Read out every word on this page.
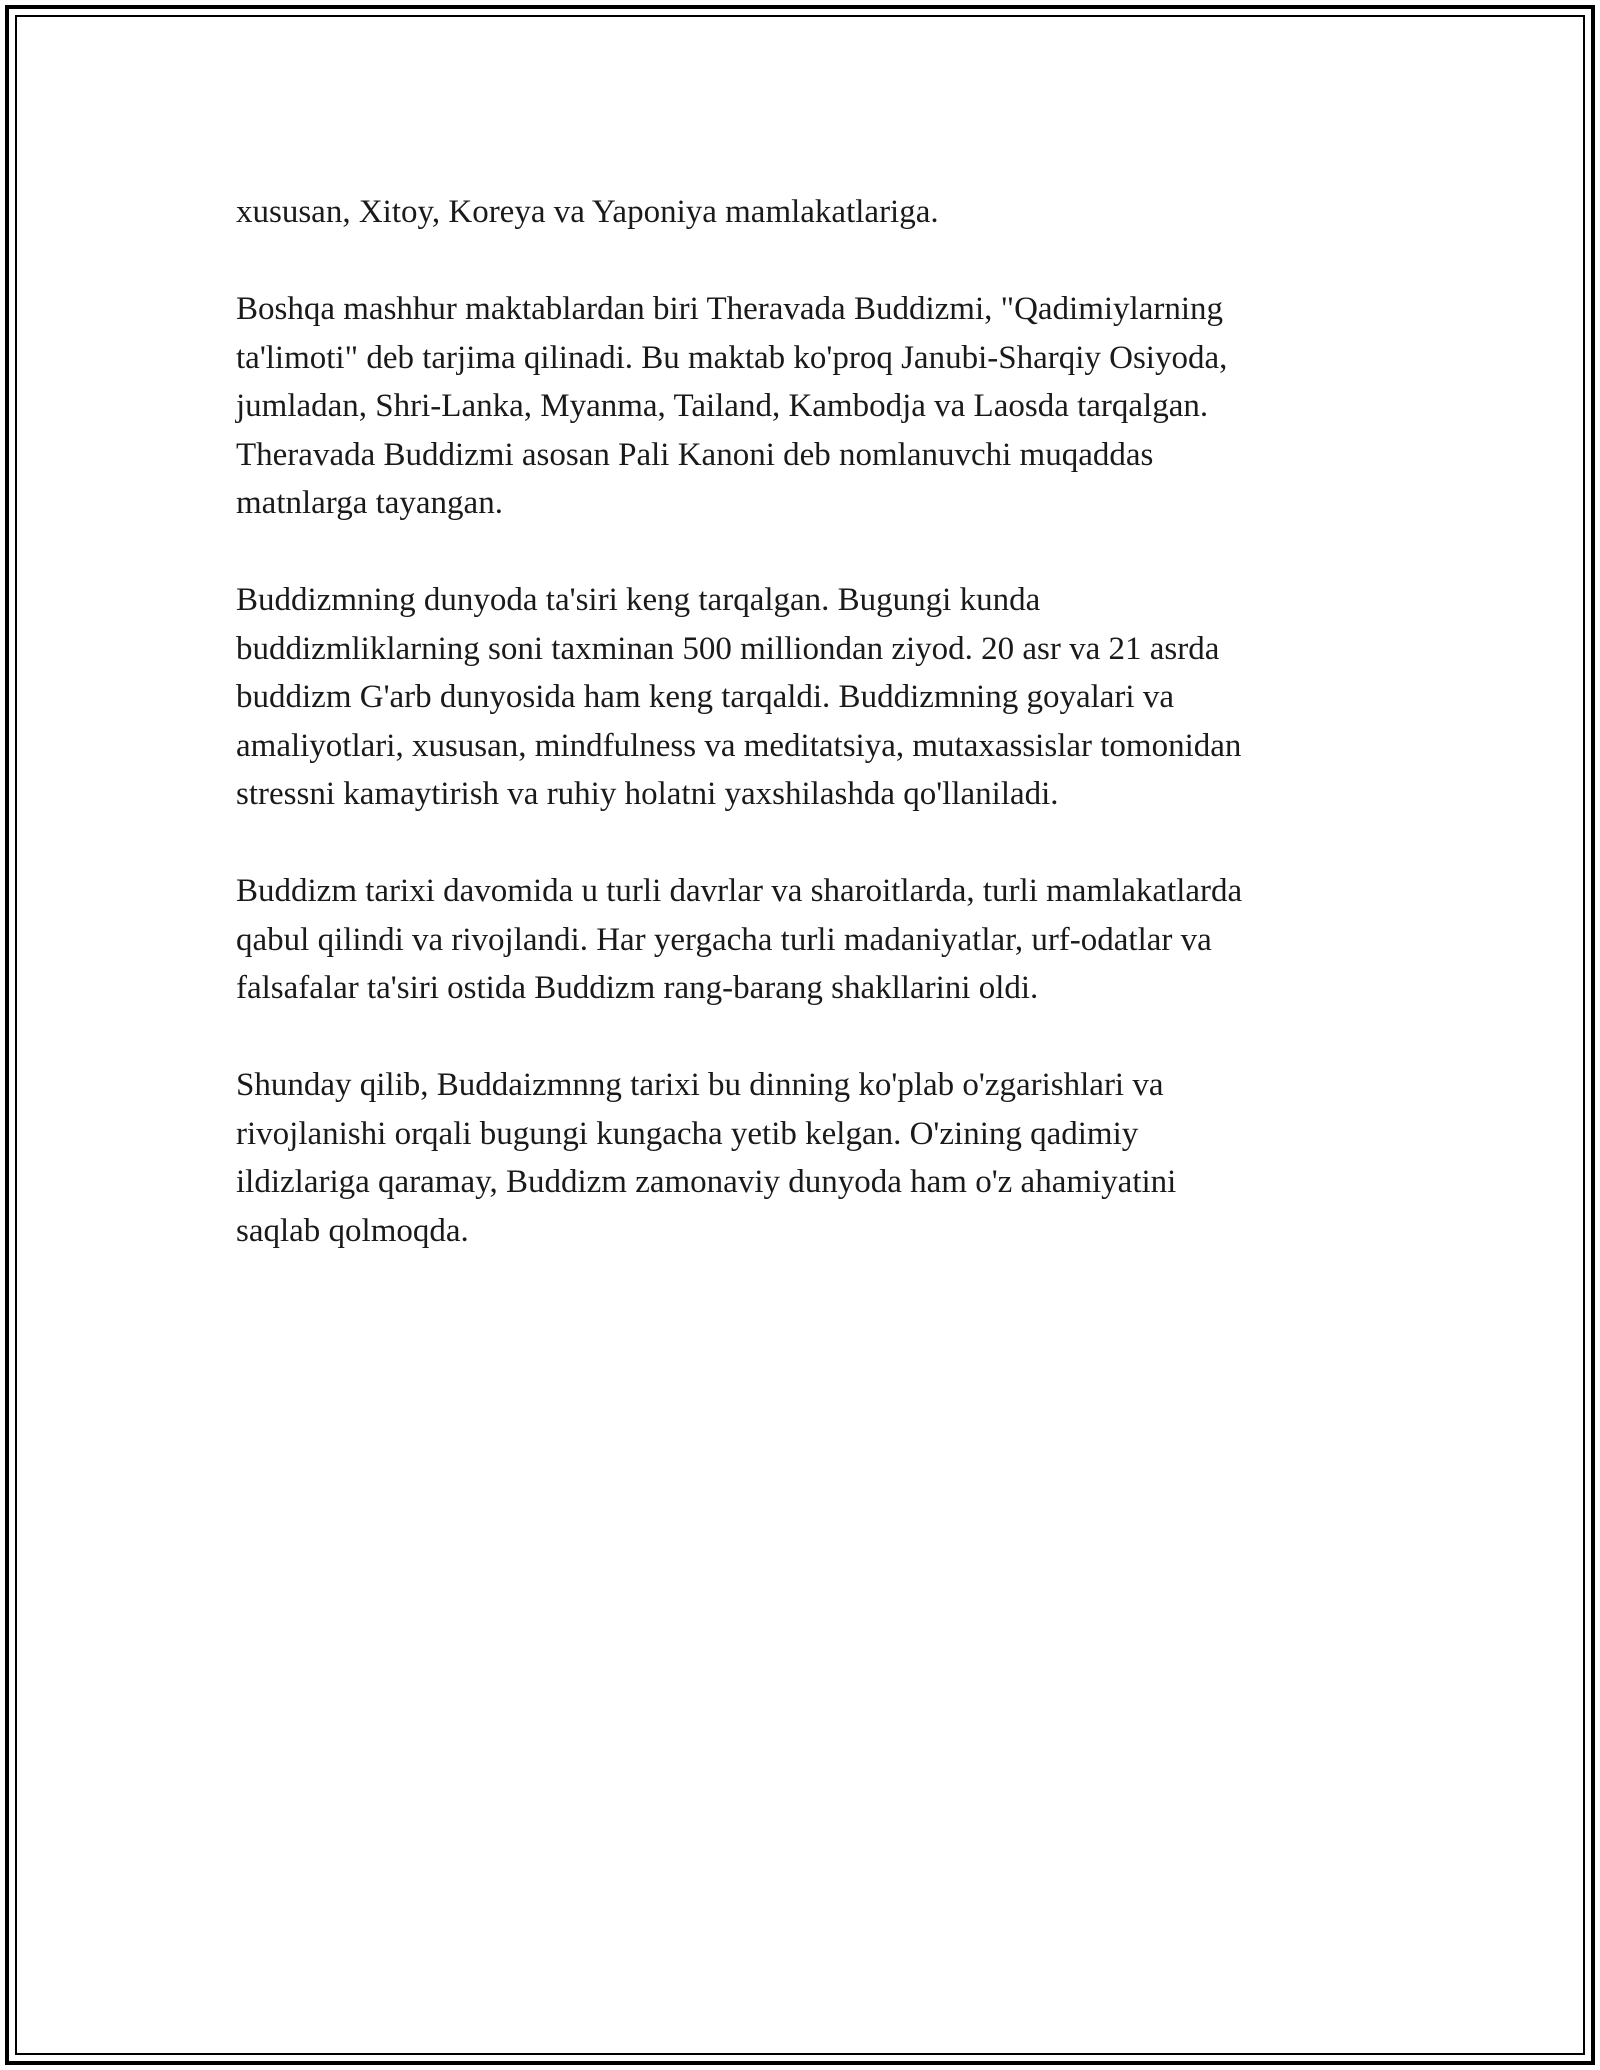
xususan, Xitoy, Koreya va Yaponiya mamlakatlariga.

Boshqa mashhur maktablardan biri Theravada Buddizmi, "Qadimiylarning
ta'limoti" deb tarjima qilinadi. Bu maktab ko'proq Janubi-Sharqiy Osiyoda,
jumladan, Shri-Lanka, Myanma, Tailand, Kambodja va Laosda tarqalgan.
Theravada Buddizmi asosan Pali Kanoni deb nomlanuvchi muqaddas
matnlarga tayangan.

Buddizmning dunyoda ta'siri keng tarqalgan. Bugungi kunda
buddizmliklarning soni taxminan 500 milliondan ziyod. 20 asr va 21 asrda
buddizm G'arb dunyosida ham keng tarqaldi. Buddizmning goyalari va
amaliyotlari, xususan, mindfulness va meditatsiya, mutaxassislar tomonidan
stressni kamaytirish va ruhiy holatni yaxshilashda qo'llaniladi.

Buddizm tarixi davomida u turli davrlar va sharoitlarda, turli mamlakatlarda
qabul qilindi va rivojlandi. Har yergacha turli madaniyatlar, urf-odatlar va
falsafalar ta'siri ostida Buddizm rang-barang shakllarini oldi.

Shunday qilib, Buddaizmnng tarixi bu dinning ko'plab o'zgarishlari va
rivojlanishi orqali bugungi kungacha yetib kelgan. O'zining qadimiy
ildizlariga qaramay, Buddizm zamonaviy dunyoda ham o'z ahamiyatini
saqlab qolmoqda.
